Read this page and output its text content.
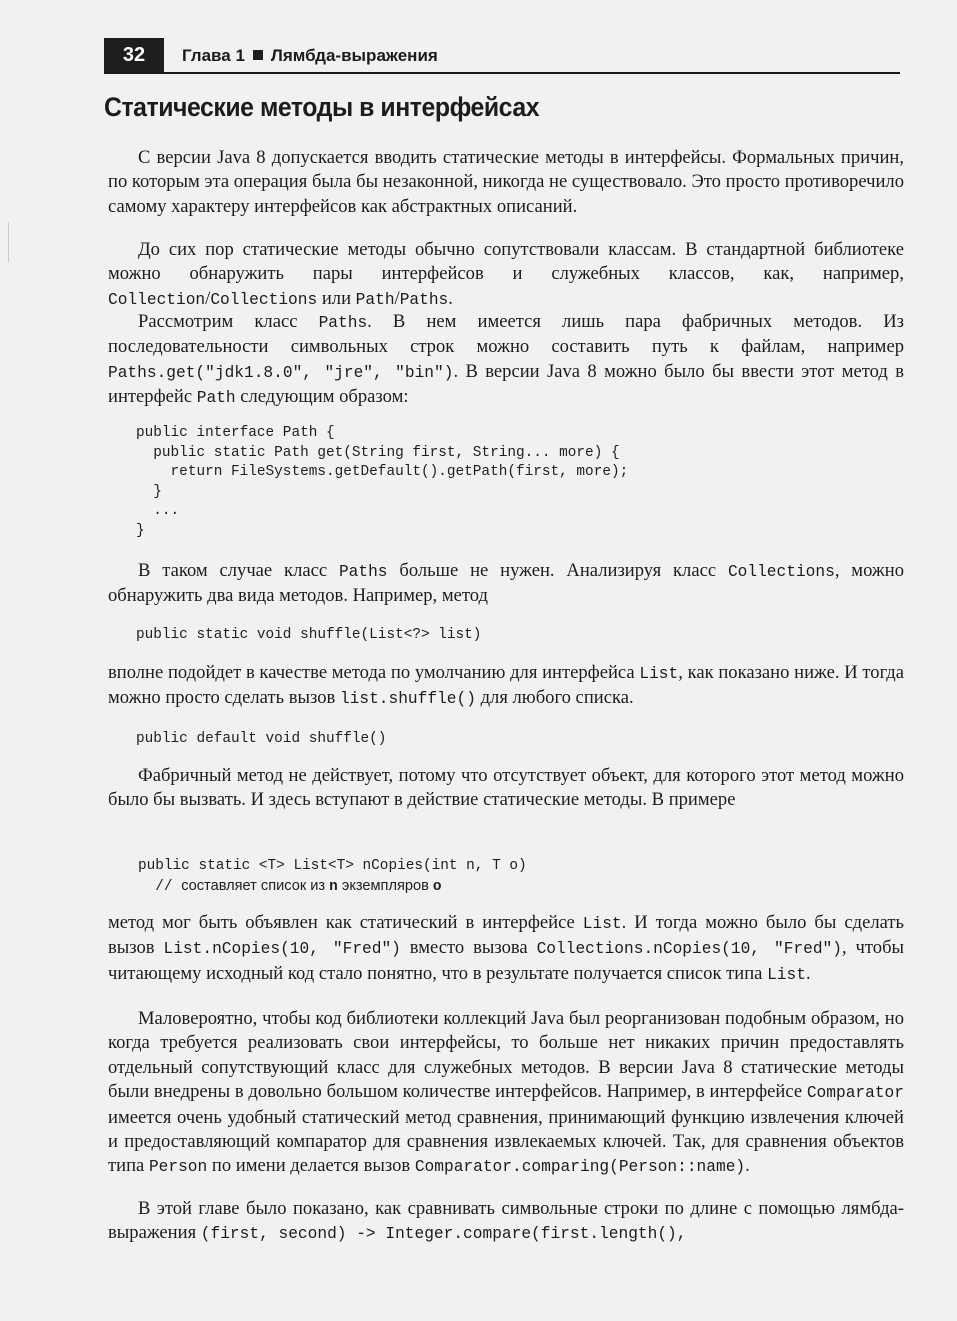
32	Глава 1 Лямбда-выражения
Статические методы в интерфейсах

С версии Java 8 допускается вводить статические методы в интерфейсы. Формальных причин, по которым эта операция была бы незаконной, никогда не существовало. Это просто противоречило самому характеру интерфейсов как абстрактных описаний.

До сих пор статические методы обычно сопутствовали классам. В стандартной библиотеке можно обнаружить пары интерфейсов и служебных классов, как, например, Collection/Collections или Path/Paths.

Рассмотрим класс Paths. В нем имеется лишь пара фабричных методов. Из последовательности символьных строк можно составить путь к файлам, например Paths.get("jdk1.8.0", "jre", "bin"). В версии Java 8 можно было бы ввести этот метод в интерфейс Path следующим образом:

public interface Path {
public static Path get(String first, String... more) {
return FileSystems.getDefault().getPath(first, more);
}
...
}

В таком случае класс Paths больше не нужен. Анализируя класс Collections, можно обнаружить два вида методов. Например, метод

public static void shuffle(List<?> list)

вполне подойдет в качестве метода по умолчанию для интерфейса List, как показано ниже. И тогда можно просто сделать вызов list.shuffle() для любого списка.

public default void shuffle()

Фабричный метод не действует, потому что отсутствует объект, для которого этот метод можно было бы вызвать. И здесь вступают в действие статические методы. В примере

public static <T> List<T> nCopies(int n, T o)
// составляет список из n экземпляров o

метод мог быть объявлен как статический в интерфейсе List. И тогда можно было бы сделать вызов List.nCopies(10, "Fred") вместо вызова Collections.nCopies(10, "Fred"), чтобы читающему исходный код стало понятно, что в результате получается список типа List.

Маловероятно, чтобы код библиотеки коллекций Java был реорганизован подобным образом, но когда требуется реализовать свои интерфейсы, то больше нет никаких причин предоставлять отдельный сопутствующий класс для служебных методов. В версии Java 8 статические методы были внедрены в довольно большом количестве интерфейсов. Например, в интерфейсе Comparator имеется очень удобный статический метод сравнения, принимающий функцию извлечения ключей и предоставляющий компаратор для сравнения извлекаемых ключей. Так, для сравнения объектов типа Person по имени делается вызов Comparator.comparing(Person::name).

В этой главе было показано, как сравнивать символьные строки по длине с помощью лямбда-выражения (first, second) -> Integer.compare(first.length(),
